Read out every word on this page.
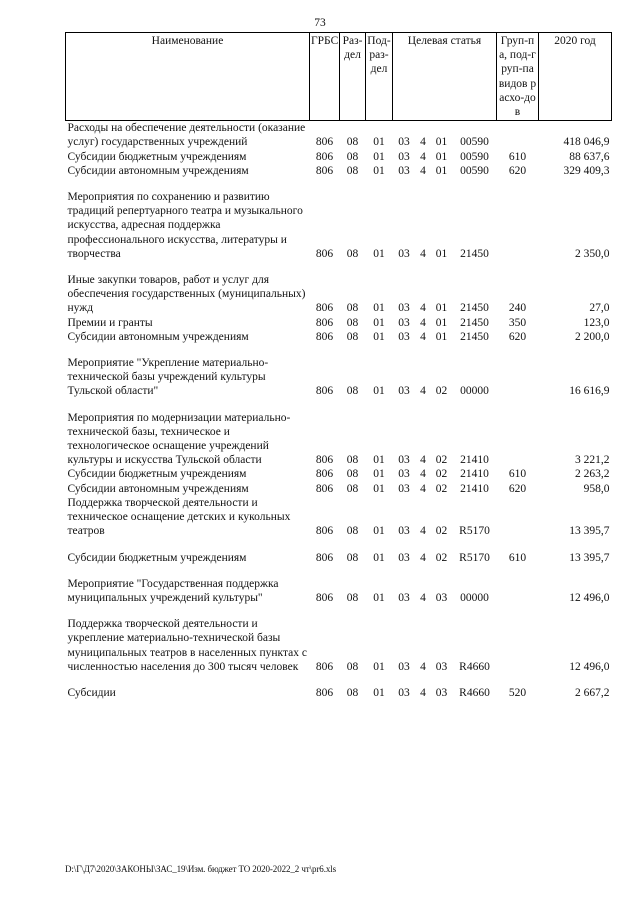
73
Наименование	ГРБС	Раз-дел	Под-раз-дел	Целевая статья				Груп-па, под-груп-па видов расхо-дов	2020 год
Расходы на обеспечение деятельности (оказание услуг) государственных учреждений	806	08	01	03	4	01	00590		418 046,9
Субсидии бюджетным учреждениям	806	08	01	03	4	01	00590	610	88 637,6
Субсидии автономным учреждениям	806	08	01	03	4	01	00590	620	329 409,3

Мероприятия по сохранению и развитию традиций репертуарного театра и музыкального искусства, адресная поддержка профессионального искусства, литературы и творчества	806	08	01	03	4	01	21450		2 350,0

Иные закупки товаров, работ и услуг для обеспечения государственных (муниципальных) нужд	806	08	01	03	4	01	21450	240	27,0
Премии и гранты	806	08	01	03	4	01	21450	350	123,0
Субсидии автономным учреждениям	806	08	01	03	4	01	21450	620	2 200,0

Мероприятие "Укрепление материально-технической базы учреждений культуры Тульской области"	806	08	01	03	4	02	00000		16 616,9

Мероприятия по модернизации материально-технической базы, техническое и технологическое оснащение учреждений культуры и искусства Тульской области	806	08	01	03	4	02	21410		3 221,2
Субсидии бюджетным учреждениям	806	08	01	03	4	02	21410	610	2 263,2
Субсидии автономным учреждениям	806	08	01	03	4	02	21410	620	958,0
Поддержка творческой деятельности и техническое оснащение детских и кукольных театров	806	08	01	03	4	02	R5170		13 395,7

Субсидии бюджетным учреждениям	806	08	01	03	4	02	R5170	610	13 395,7

Мероприятие "Государственная поддержка муниципальных учреждений культуры"	806	08	01	03	4	03	00000		12 496,0

Поддержка творческой деятельности и укрепление материально-технической базы муниципальных театров в населенных пунктах с численностью населения до 300 тысяч человек	806	08	01	03	4	03	R4660		12 496,0

Субсидии	806	08	01	03	4	03	R4660	520	2 667,2
D:\Г\Д7\2020\ЗАКОНЫ\ЗАС_19\Изм. бюджет ТО 2020-2022_2 чт\pr6.xls
